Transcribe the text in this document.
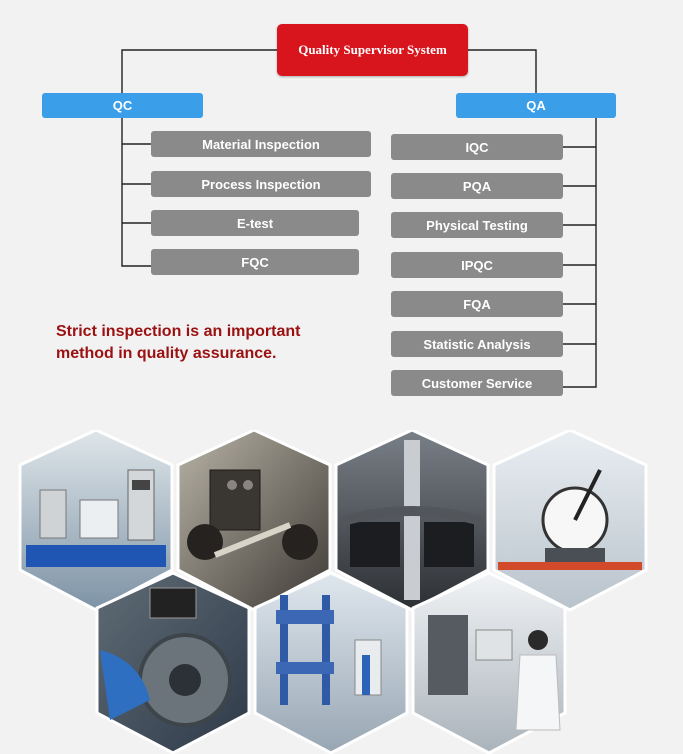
Quality Supervisor System
QC	QA
Material Inspection
Process Inspection
E-test
FQC
IQC
PQA
Physical Testing
IPQC
FQA
Statistic Analysis
Customer Service

Strict inspection is an important
method in quality assurance.
